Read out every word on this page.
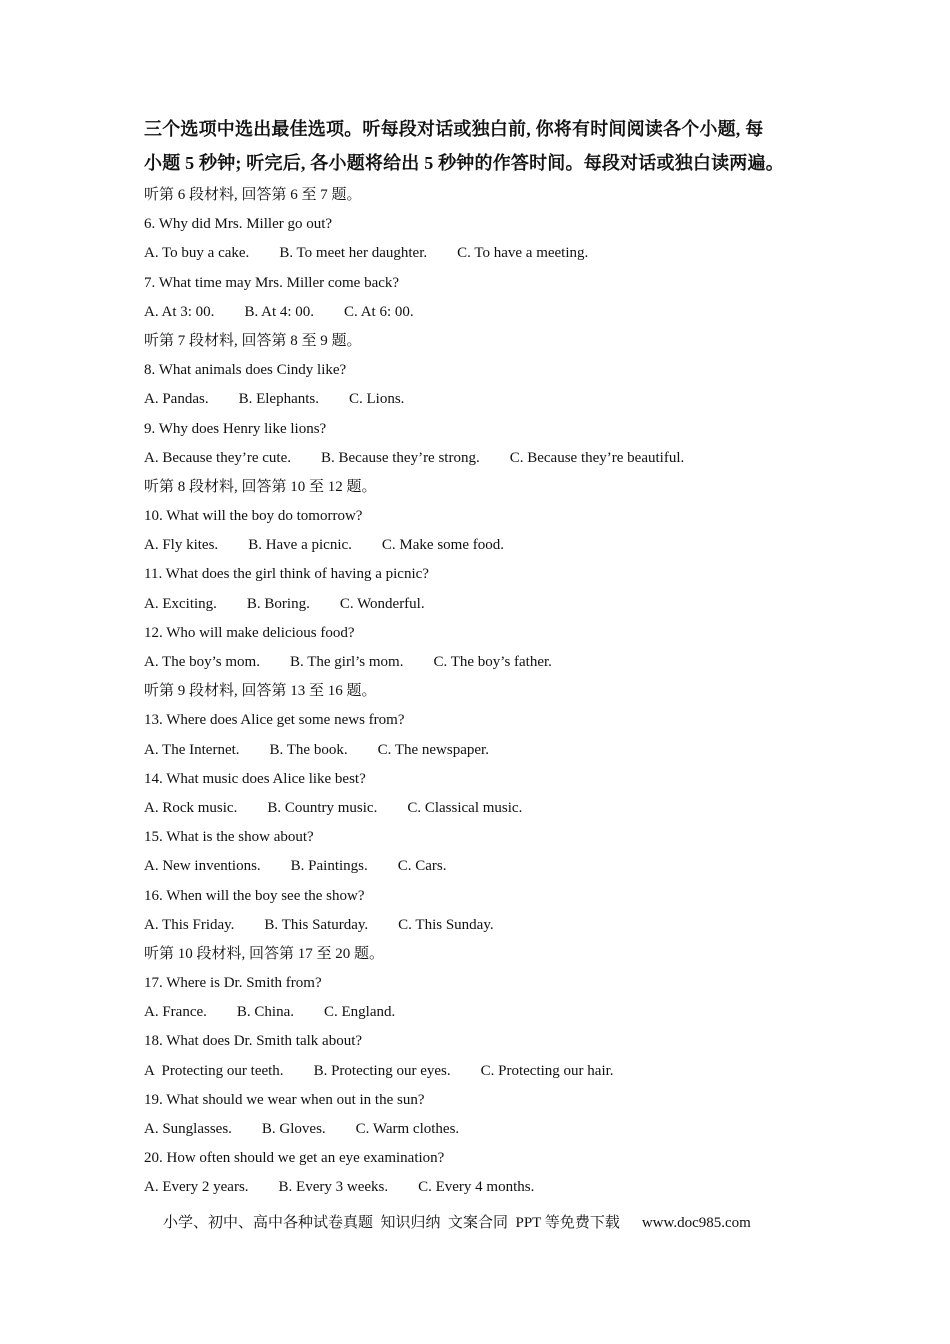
三个选项中选出最佳选项。听每段对话或独白前, 你将有时间阅读各个小题, 每
小题 5 秒钟; 听完后, 各小题将给出 5 秒钟的作答时间。每段对话或独白读两遍。
听第 6 段材料, 回答第 6 至 7 题。
6. Why did Mrs. Miller go out?
A. To buy a cake. B. To meet her daughter. C. To have a meeting.
7. What time may Mrs. Miller come back?
A. At 3: 00. B. At 4: 00. C. At 6: 00.
听第 7 段材料, 回答第 8 至 9 题。
8. What animals does Cindy like?
A. Pandas. B. Elephants. C. Lions.
9. Why does Henry like lions?
A. Because they’re cute. B. Because they’re strong. C. Because they’re beautiful.
听第 8 段材料, 回答第 10 至 12 题。
10. What will the boy do tomorrow?
A. Fly kites. B. Have a picnic. C. Make some food.
11. What does the girl think of having a picnic?
A. Exciting. B. Boring. C. Wonderful.
12. Who will make delicious food?
A. The boy’s mom. B. The girl’s mom. C. The boy’s father.
听第 9 段材料, 回答第 13 至 16 题。
13. Where does Alice get some news from?
A. The Internet. B. The book. C. The newspaper.
14. What music does Alice like best?
A. Rock music. B. Country music. C. Classical music.
15. What is the show about?
A. New inventions. B. Paintings. C. Cars.
16. When will the boy see the show?
A. This Friday. B. This Saturday. C. This Sunday.
听第 10 段材料, 回答第 17 至 20 题。
17. Where is Dr. Smith from?
A. France. B. China. C. England.
18. What does Dr. Smith talk about?
A  Protecting our teeth. B. Protecting our eyes. C. Protecting our hair.
19. What should we wear when out in the sun?
A. Sunglasses. B. Gloves. C. Warm clothes.
20. How often should we get an eye examination?
A. Every 2 years. B. Every 3 weeks. C. Every 4 months.
小学、初中、高中各种试卷真题  知识归纳  文案合同  PPT 等免费下载 www.doc985.com
